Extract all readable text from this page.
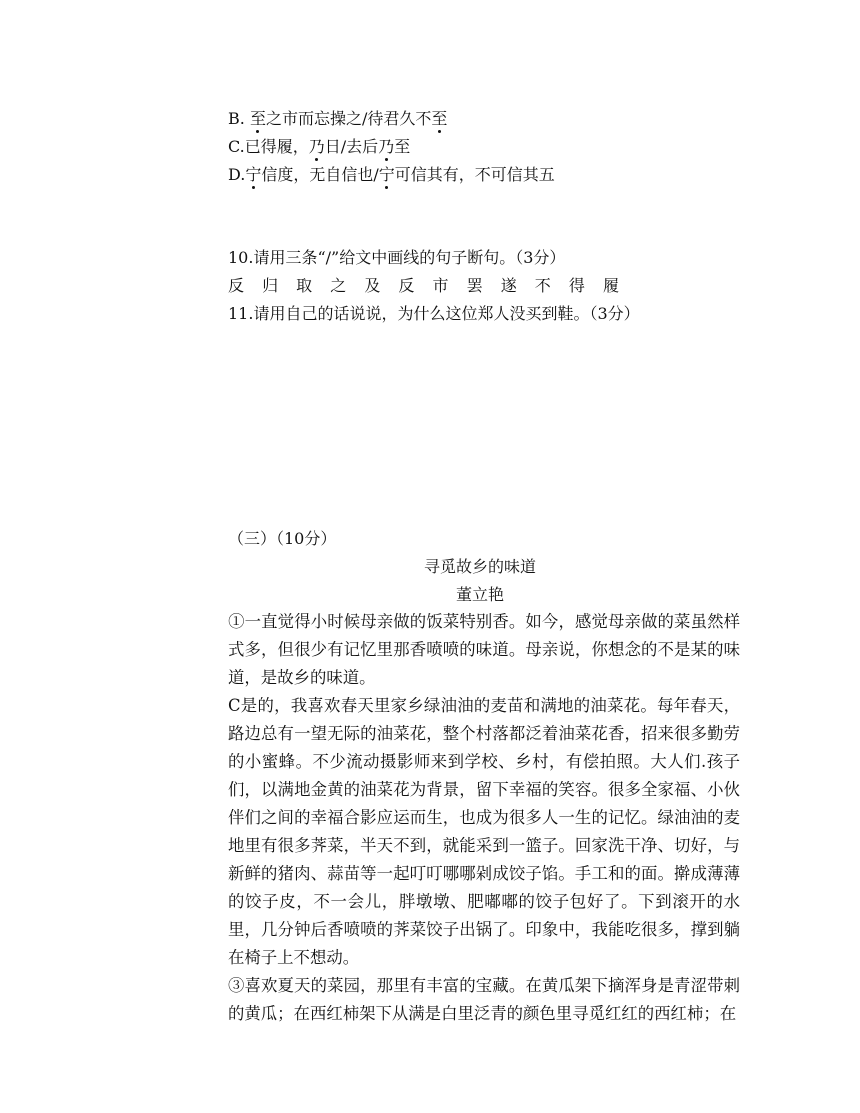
B. 至之市而忘操之/待君久不至
C.已得履，乃日/去后乃至
D.宁信度，无自信也/宁可信其有，不可信其五
10.请用三条“/”给文中画线的句子断句。（3分）
反 归 取 之 及 反 市 罢 遂 不 得 履
11.请用自己的话说说，为什么这位郑人没买到鞋。（3分）
（三）（10分）
寻觅故乡的味道
董立艳
①一直觉得小时候母亲做的饭菜特别香。如今，感觉母亲做的菜虽然样式多，但很少有记忆里那香喷喷的味道。母亲说，你想念的不是某的味道，是故乡的味道。
C是的，我喜欢春天里家乡绿油油的麦苗和满地的油菜花。每年春天，路边总有一望无际的油菜花，整个村落都泛着油菜花香，招来很多勤劳的小蜜蜂。不少流动摄影师来到学校、乡村，有偿拍照。大人们.孩子们，以满地金黄的油菜花为背景，留下幸福的笑容。很多全家福、小伙伴们之间的幸福合影应运而生，也成为很多人一生的记忆。绿油油的麦地里有很多荠菜，半天不到，就能采到一篮子。回家洗干净、切好，与新鲜的猪肉、蒜苗等一起叮叮哪哪剁成饺子馅。手工和的面。擀成薄薄的饺子皮，不一会儿，胖墩墩、肥嘟嘟的饺子包好了。下到滚开的水里，几分钟后香喷喷的荠菜饺子出锅了。印象中，我能吃很多，撑到躺在椅子上不想动。
③喜欢夏天的菜园，那里有丰富的宝藏。在黄瓜架下摘浑身是青涩带刺的黄瓜；在西红柿架下从满是白里泛青的颜色里寻觅红红的西红柿；在
